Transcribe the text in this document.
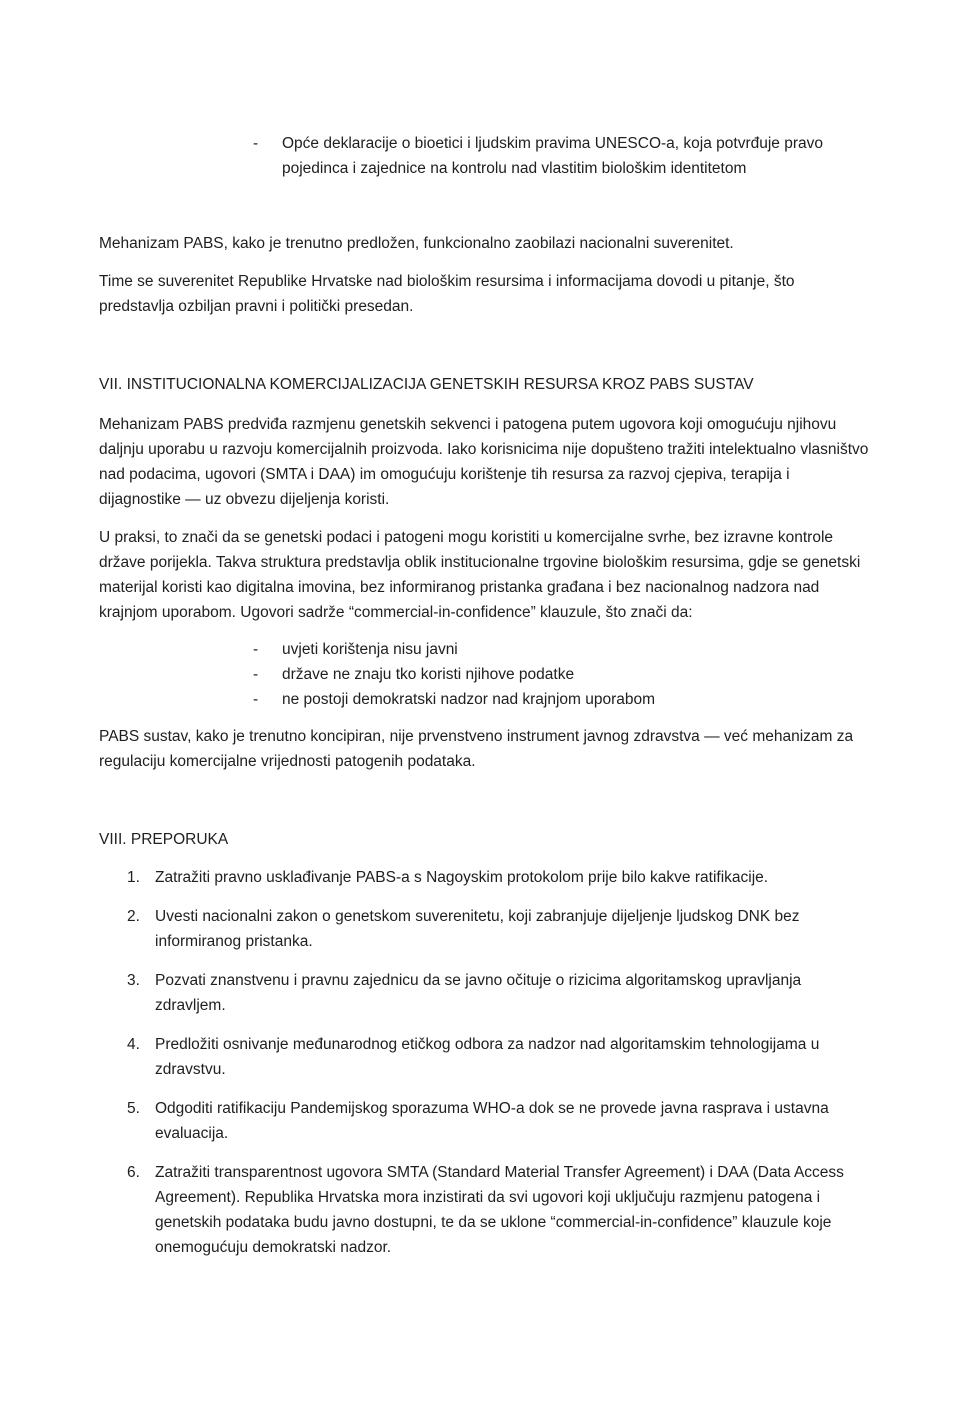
-	Opće deklaracije o bioetici i ljudskim pravima UNESCO-a, koja potvrđuje pravo pojedinca i zajednice na kontrolu nad vlastitim biološkim identitetom

Mehanizam PABS, kako je trenutno predložen, funkcionalno zaobilazi nacionalni suverenitet.

Time se suverenitet Republike Hrvatske nad biološkim resursima i informacijama dovodi u pitanje, što predstavlja ozbiljan pravni i politički presedan.

VII. INSTITUCIONALNA KOMERCIJALIZACIJA GENETSKIH RESURSA KROZ PABS SUSTAV

Mehanizam PABS predviđa razmjenu genetskih sekvenci i patogena putem ugovora koji omogućuju njihovu daljnju uporabu u razvoju komercijalnih proizvoda. Iako korisnicima nije dopušteno tražiti intelektualno vlasništvo nad podacima, ugovori (SMTA i DAA) im omogućuju korištenje tih resursa za razvoj cjepiva, terapija i dijagnostike — uz obvezu dijeljenja koristi.

U praksi, to znači da se genetski podaci i patogeni mogu koristiti u komercijalne svrhe, bez izravne kontrole države porijekla. Takva struktura predstavlja oblik institucionalne trgovine biološkim resursima, gdje se genetski materijal koristi kao digitalna imovina, bez informiranog pristanka građana i bez nacionalnog nadzora nad krajnjom uporabom. Ugovori sadrže “commercial-in-confidence” klauzule, što znači da:

-	uvjeti korištenja nisu javni
-	države ne znaju tko koristi njihove podatke
-	ne postoji demokratski nadzor nad krajnjom uporabom

PABS sustav, kako je trenutno koncipiran, nije prvenstveno instrument javnog zdravstva — već mehanizam za regulaciju komercijalne vrijednosti patogenih podataka.

VIII. PREPORUKA
1. Zatražiti pravno usklađivanje PABS-a s Nagoyskim protokolom prije bilo kakve ratifikacije.
2. Uvesti nacionalni zakon o genetskom suverenitetu, koji zabranjuje dijeljenje ljudskog DNK bez informiranog pristanka.
3. Pozvati znanstvenu i pravnu zajednicu da se javno očituje o rizicima algoritamskog upravljanja zdravljem.
4. Predložiti osnivanje međunarodnog etičkog odbora za nadzor nad algoritamskim tehnologijama u zdravstvu.
5. Odgoditi ratifikaciju Pandemijskog sporazuma WHO-a dok se ne provede javna rasprava i ustavna evaluacija.
6. Zatražiti transparentnost ugovora SMTA (Standard Material Transfer Agreement) i DAA (Data Access Agreement). Republika Hrvatska mora inzistirati da svi ugovori koji uključuju razmjenu patogena i genetskih podataka budu javno dostupni, te da se uklone “commercial-in-confidence” klauzule koje onemogućuju demokratski nadzor.
